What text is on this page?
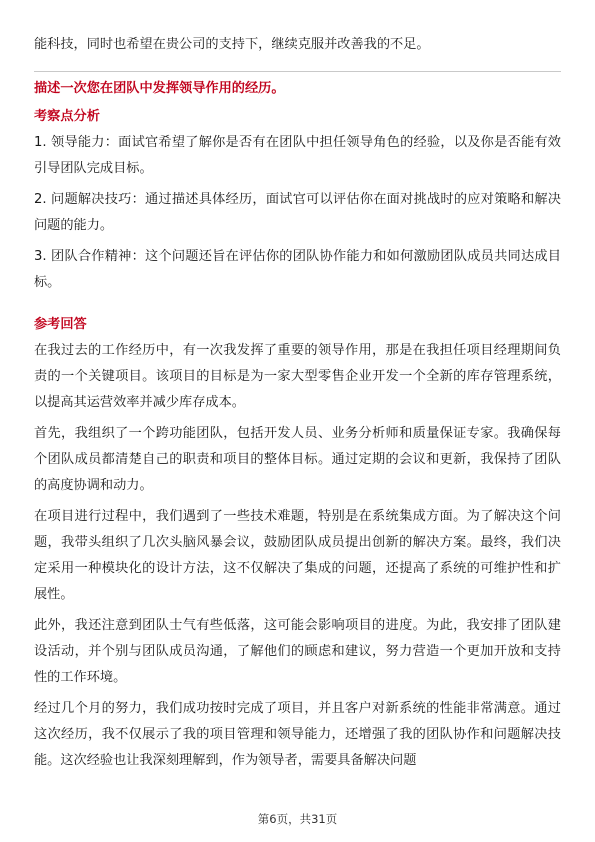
能科技，同时也希望在贵公司的支持下，继续克服并改善我的不足。

描述一次您在团队中发挥领导作用的经历。

考察点分析

1. 领导能力：面试官希望了解你是否有在团队中担任领导角色的经验，以及你是否能有效引导团队完成目标。

2. 问题解决技巧：通过描述具体经历，面试官可以评估你在面对挑战时的应对策略和解决问题的能力。

3. 团队合作精神：这个问题还旨在评估你的团队协作能力和如何激励团队成员共同达成目标。

参考回答

在我过去的工作经历中，有一次我发挥了重要的领导作用，那是在我担任项目经理期间负责的一个关键项目。该项目的目标是为一家大型零售企业开发一个全新的库存管理系统，以提高其运营效率并减少库存成本。

首先，我组织了一个跨功能团队，包括开发人员、业务分析师和质量保证专家。我确保每个团队成员都清楚自己的职责和项目的整体目标。通过定期的会议和更新，我保持了团队的高度协调和动力。

在项目进行过程中，我们遇到了一些技术难题，特别是在系统集成方面。为了解决这个问题，我带头组织了几次头脑风暴会议，鼓励团队成员提出创新的解决方案。最终，我们决定采用一种模块化的设计方法，这不仅解决了集成的问题，还提高了系统的可维护性和扩展性。

此外，我还注意到团队士气有些低落，这可能会影响项目的进度。为此，我安排了团队建设活动，并个别与团队成员沟通，了解他们的顾虑和建议，努力营造一个更加开放和支持性的工作环境。

经过几个月的努力，我们成功按时完成了项目，并且客户对新系统的性能非常满意。通过这次经历，我不仅展示了我的项目管理和领导能力，还增强了我的团队协作和问题解决技能。这次经验也让我深刻理解到，作为领导者，需要具备解决问题

第6页，共31页
